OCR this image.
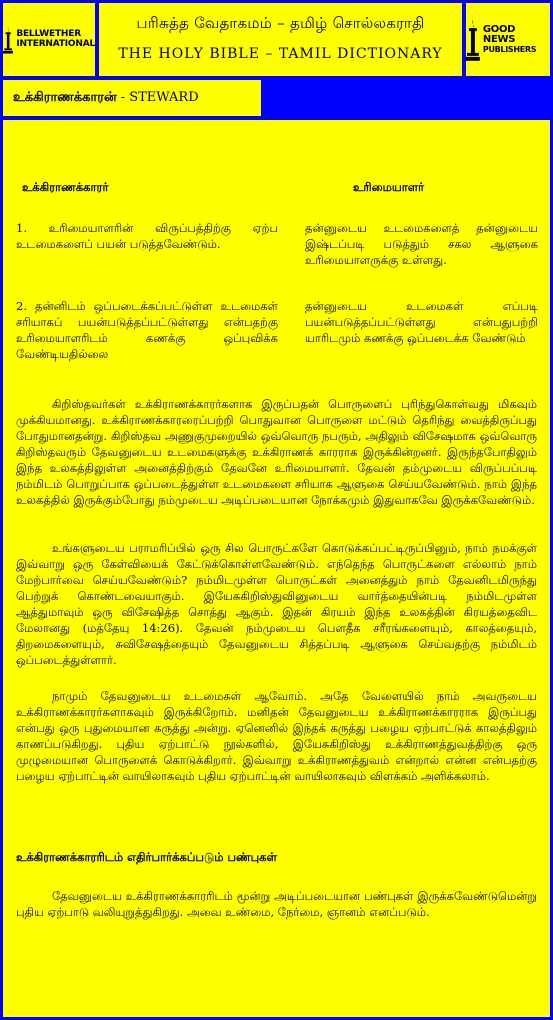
BELLWETHER
INTERNATIONAL
பரிசுத்த வேதாகமம் – தமிழ் சொல்லகராதி
THE HOLY BIBLE – TAMIL DICTIONARY
GOOD NEWS
PUBLISHERS
உக்கிராணக்காரன் - STEWARD
உக்கிராணக்காரர்	உரிமையாளர்
1. உரிமையாளரின் விருப்பத்திற்கு ஏற்ப உடமைகளைப் பயன் படுத்தவேண்டும்.
தன்னுடைய உடமைகளைத் தன்னுடைய இஷ்டப்படி படுத்தும் சகல ஆளுகை உரிமையாளருக்கு உள்ளது.
2. தன்னிடம் ஒப்படைக்கப்பட்டுள்ள உடமைகள் சரியாகப் பயன்படுத்தப்பட்டுள்ளது என்பதற்கு உரிமையாளரிடம் கணக்கு ஒப்புவிக்க வேண்டியதில்லை
தன்னுடைய உடமைகள் எப்படி பயன்படுத்தப்பட்டுள்ளது என்பதுபற்றி யாரிடமும் கணக்கு ஒப்படைக்க வேண்டும்
கிறிஸ்தவர்கள் உக்கிராணக்காரர்களாக இருப்பதன் பொருளைப் புரிந்துகொள்வது மிகவும் முக்கியமானது. உக்கிராணக்காரரைப்பற்றி பொதுவான பொருளை மட்டும் தெரிந்து வைத்திருப்பது போதுமானதன்று. கிறிஸ்தவ அணுகுமுறையில் ஒவ்வொரு நபரும், அதிலும் விசேஷமாக ஒவ்வொரு கிறிஸ்தவரும் தேவனுடைய உடமைகளுக்கு உக்கிராணக் காரராக இருக்கின்றனர். இருந்தபோதிலும் இந்த உலகத்திலுள்ள அனைத்திற்கும் தேவனே உரிமையாளர். தேவன் தம்முடைய விருப்பப்படி நம்மிடம் பொறுப்பாக ஒப்படைத்துள்ள உடமைகளை சரியாக ஆளுகை செய்யவேண்டும். நாம் இந்த உலகத்தில் இருக்கும்போது நம்முடைய அடிப்படையான நோக்கமும் இதுவாகவே இருக்கவேண்டும்.
உங்களுடைய பராமரிப்பில் ஒரு சில பொருட்களே கொடுக்கப்பட்டிருப்பினும், நாம் நமக்குள் இவ்வாறு ஒரு கேள்வியைக் கேட்டுக்கொள்ளவேண்டும். எந்தெந்த பொருட்களை எல்லாம் நாம் மேற்பார்வை செய்யவேண்டும்? நம்மிடமுள்ள பொருட்கள் அனைத்தும் நாம் தேவனிடமிருந்து பெற்றுக் கொண்டவையாகும். இயேசுகிறிஸ்துவினுடைய வார்த்தையின்படி நம்மிடமுள்ள ஆத்துமாவும் ஒரு விசேஷித்த சொத்து ஆகும். இதன் கிரயம் இந்த உலகத்தின் கிரயத்தைவிட மேலானது (மத்தேயு 14:26). தேவன் நம்முடைய பௌதீக சரீரங்களையும், காலத்தையும், திறமைகளையும், சுவிசேஷத்தையும் தேவனுடைய சித்தப்படி ஆளுகை செய்வதற்கு நம்மிடம் ஒப்படைத்துள்ளார்.
நாமும் தேவனுடைய உடமைகள் ஆவோம். அதே வேளையில் நாம் அவருடைய உக்கிராணக்காரர்களாகவும் இருக்கிறோம். மனிதன் தேவனுடைய உக்கிராணக்காரராக இருப்பது என்பது ஒரு புதுமையான கருத்து அன்று. ஏனெனில் இந்தக் கருத்து பழைய ஏற்பாட்டுக் காலத்திலும் காணப்படுகிறது. புதிய ஏற்பாட்டு நூல்களில், இயேசுகிறிஸ்து உக்கிராணத்துவத்திற்கு ஒரு முழுமையான பொருளைக் கொடுக்கிறார். இவ்வாறு உக்கிராணத்துவம் என்றால் என்ன என்பதற்கு பழைய ஏற்பாட்டின் வாயிலாகவும் புதிய ஏற்பாட்டின் வாயிலாகவும் விளக்கம் அளிக்கலாம்.
உக்கிராணக்காரரிடம் எதிர்பார்க்கப்படும் பண்புகள்
தேவனுடைய உக்கிராணக்காரரிடம் மூன்று அடிப்படையான பண்புகள் இருக்கவேண்டுமென்று புதிய ஏற்பாடு வலியுறுத்துகிறது. அவை உண்மை, நேர்மை, ஞானம் எனப்படும்.
